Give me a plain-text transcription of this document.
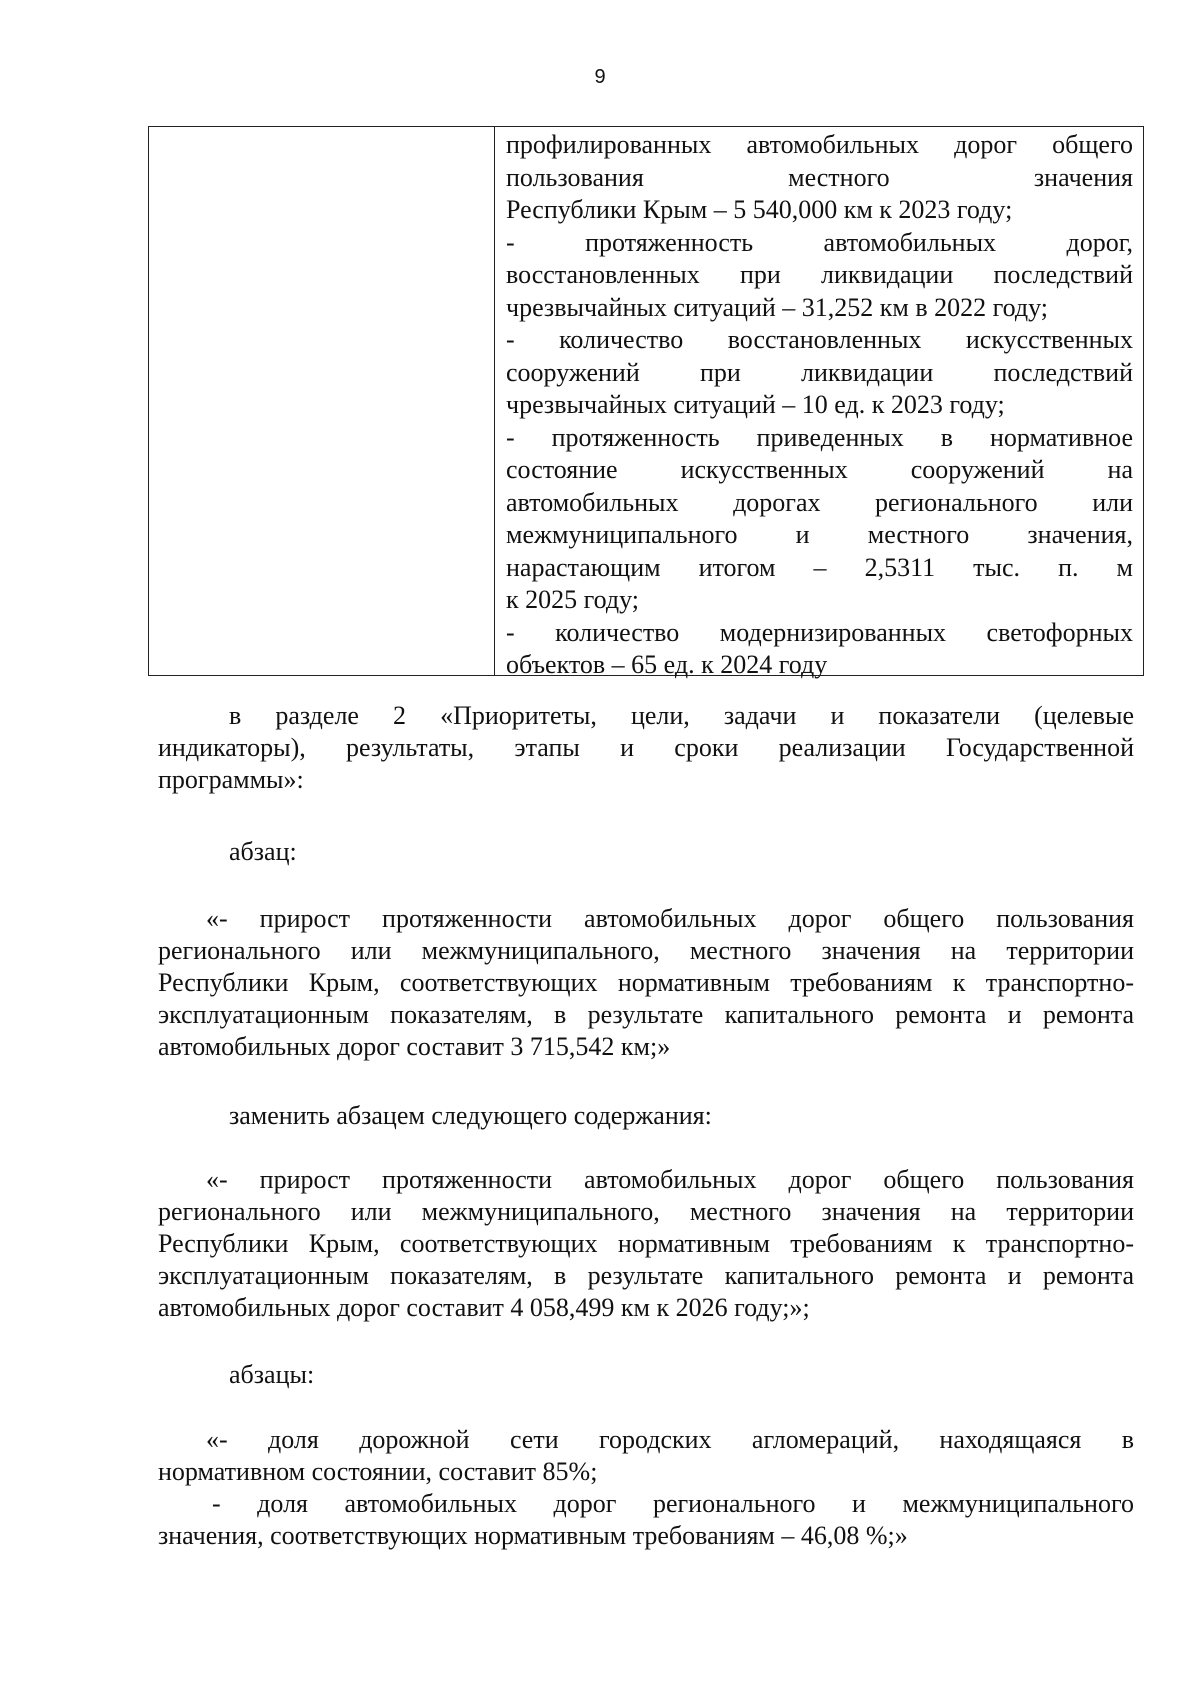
9
профилированных автомобильных дорог общего
пользования местного значения
Республики Крым – 5 540,000 км к 2023 году;
- протяженность автомобильных дорог,
восстановленных при ликвидации последствий
чрезвычайных ситуаций – 31,252 км в 2022 году;
- количество восстановленных искусственных
сооружений при ликвидации последствий
чрезвычайных ситуаций – 10 ед. к 2023 году;
- протяженность приведенных в нормативное
состояние искусственных сооружений на
автомобильных дорогах регионального или
межмуниципального и местного значения,
нарастающим итогом – 2,5311 тыс. п. м
к 2025 году;
- количество модернизированных светофорных
объектов – 65 ед. к 2024 году
в разделе 2 «Приоритеты, цели, задачи и показатели (целевые
индикаторы), результаты, этапы и сроки реализации Государственной
программы»:
абзац:
«- прирост протяженности автомобильных дорог общего пользования
регионального или межмуниципального, местного значения на территории
Республики Крым, соответствующих нормативным требованиям к транспортно-
эксплуатационным показателям, в результате капитального ремонта и ремонта
автомобильных дорог составит 3 715,542 км;»
заменить абзацем следующего содержания:
«- прирост протяженности автомобильных дорог общего пользования
регионального или межмуниципального, местного значения на территории
Республики Крым, соответствующих нормативным требованиям к транспортно-
эксплуатационным показателям, в результате капитального ремонта и ремонта
автомобильных дорог составит 4 058,499 км к 2026 году;»;
абзацы:
«- доля дорожной сети городских агломераций, находящаяся в
нормативном состоянии, составит 85%;
- доля автомобильных дорог регионального и межмуниципального
значения, соответствующих нормативным требованиям – 46,08 %;»
